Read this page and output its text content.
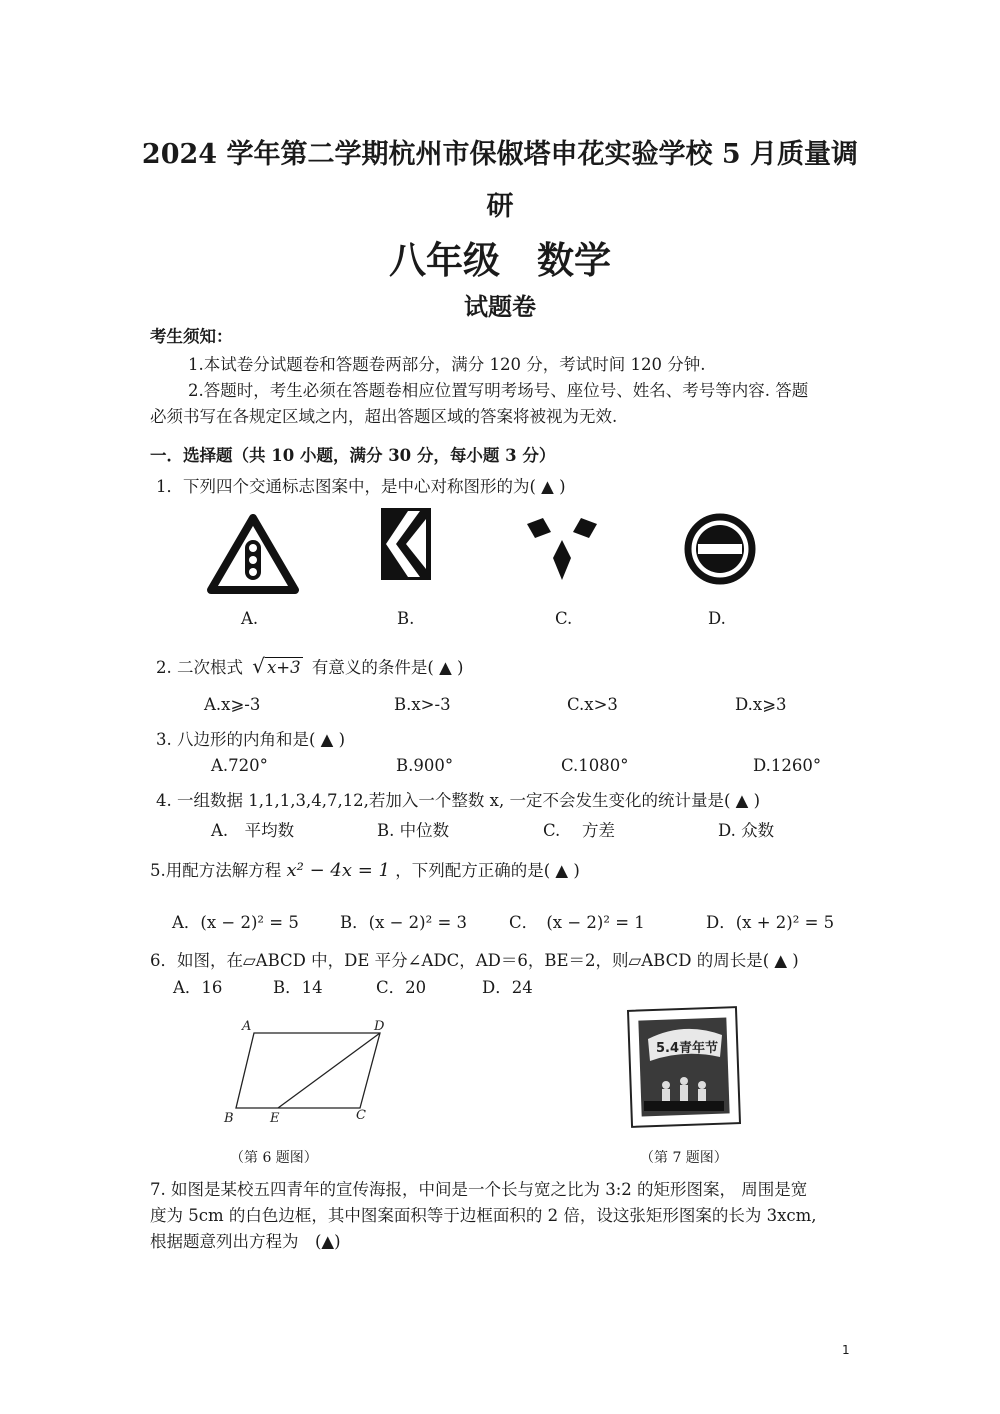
2024 学年第二学期杭州市保俶塔申花实验学校 5 月质量调
研
八年级　数学
试题卷
考生须知：
1.本试卷分试题卷和答题卷两部分，满分 120 分，考试时间 120 分钟.
2.答题时，考生必须在答题卷相应位置写明考场号、座位号、姓名、考号等内容. 答题
必须书写在各规定区域之内，超出答题区域的答案将被视为无效.
一．选择题（共 10 小题，满分 30 分，每小题 3 分）
1．下列四个交通标志图案中，是中心对称图形的为( ▲ )
A.	B.	C.	D.
2. 二次根式 √ x+3 有意义的条件是( ▲ )
A.x⩾-3	B.x>-3	C.x>3	D.x⩾3
3. 八边形的内角和是( ▲ )
A.720°	B.900°	C.1080°	D.1260°
4. 一组数据 1,1,1,3,4,7,12,若加入一个整数 x, 一定不会发生变化的统计量是( ▲ )
A.　平均数	B. 中位数	C.　 方差	D. 众数
5.用配方法解方程 x² − 4x = 1 ，下列配方正确的是( ▲ )
A．(x − 2)² = 5 B．(x − 2)² = 3	C．　(x − 2)² = 1	D．(x + 2)² = 5
6．如图，在▱ABCD 中，DE 平分∠ADC，AD＝6，BE＝2，则▱ABCD 的周长是( ▲ )
A．16	B．14	C．20	D．24
A	D
B	E	C
5.4青年节
（第 6 题图）	（第 7 题图）
7. 如图是某校五四青年的宣传海报，中间是一个长与宽之比为 3:2 的矩形图案， 周围是宽
度为 5cm 的白色边框，其中图案面积等于边框面积的 2 倍，设这张矩形图案的长为 3xcm,
根据题意列出方程为　(▲)
1
